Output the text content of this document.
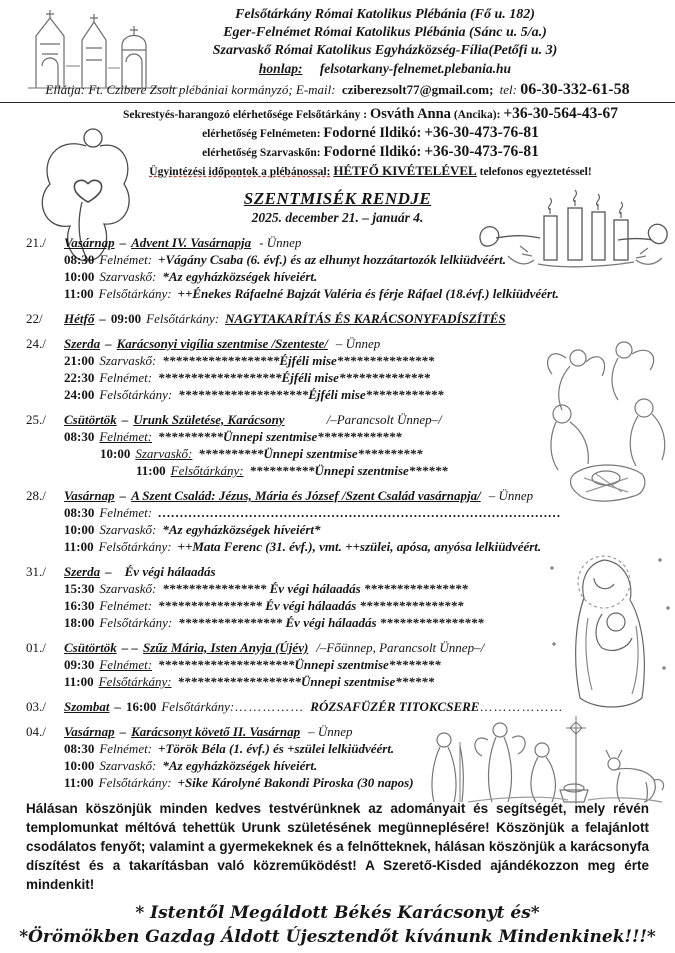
Felsőtárkány Római Katolikus Plébánia (Fő u. 182)
Eger-Felnémet Római Katolikus Plébánia (Sánc u. 5/a.)
Szarvaskő Római Katolikus Egyházközség-Fília(Petőfi u. 3)
honlap: felsotarkany-felnemet.plebania.hu
Ellátja: Ft. Czibere Zsolt plébániai kormányzó; E-mail: cziberezsolt77@gmail.com; tel: 06-30-332-61-58
Sekrestyés-harangozó elérhetősége Felsőtárkány : Osváth Anna (Ancika): +36-30-564-43-67
elérhetőség Felnémeten: Fodorné Ildikó: +36-30-473-76-81
elérhetőség Szarvaskőn: Fodorné Ildikó: +36-30-473-76-81
Ügyintézési időpontok a plébánossal: HÉTFŐ KIVÉTELÉVEL telefonos egyeztetéssel!
SZENTMISÉK RENDJE
2025. december 21. – január 4.
21./	Vasárnap – Advent IV. Vasárnapja - Ünnep
08:30 Felnémet: +Vágány Csaba (6. évf.) és az elhunyt hozzátartozók lelkiüdvéért.
10:00 Szarvaskő: *Az egyházközségek híveiért.
11:00 Felsőtárkány: ++Énekes Ráfaelné Bajzát Valéria és férje Ráfael (18.évf.) lelkiüdvéért.
22/	Hétfő – 09:00 Felsőtárkány: NAGYTAKARÍTÁS ÉS KARÁCSONYFADÍSZÍTÉS
24./	Szerda – Karácsonyi vigília szentmise /Szenteste/ – Ünnep
21:00 Szarvaskő: ******************Éjféli mise***************
22:30 Felnémet: *******************Éjféli mise**************
24:00 Felsőtárkány: ********************Éjféli mise************
25./	Csütörtök – Urunk Születése, Karácsony	/–Parancsolt Ünnep–/
08:30 Felnémet: **********Ünnepi szentmise*************
10:00 Szarvaskő: **********Ünnepi szentmise**********
11:00 Felsőtárkány: **********Ünnepi szentmise******
28./	Vasárnap – A Szent Család: Jézus, Mária és József /Szent Család vasárnapja/ – Ünnep
08:30 Felnémet: …………………………………………………………………………………
10:00 Szarvaskő: *Az egyházközségek híveiért*
11:00 Felsőtárkány: ++Mata Ferenc (31. évf.), vmt. ++szülei, apósa, anyósa lelkiüdvéért.
31./	Szerda – Év végi hálaadás
15:30 Szarvaskő: **************** Év végi hálaadás ****************
16:30 Felnémet: **************** Év végi hálaadás ****************
18:00 Felsőtárkány: **************** Év végi hálaadás ****************
01./	Csütörtök – – Szűz Mária, Isten Anyja (Újév) /–Főünnep, Parancsolt Ünnep–/
09:30 Felnémet: *********************Ünnepi szentmise********
11:00 Felsőtárkány: *******************Ünnepi szentmise******
03./	Szombat – 16:00 Felsőtárkány:…………… RÓZSAFÜZÉR TITOKCSERE………………
04./	Vasárnap – Karácsonyt követő II. Vasárnap – Ünnep
08:30 Felnémet: +Török Béla (1. évf.) és +szülei lelkiüdvéért.
10:00 Szarvaskő: *Az egyházközségek híveiért.
11:00 Felsőtárkány: +Sike Károlyné Bakondi Piroska (30 napos)
Hálásan köszönjük minden kedves testvérünknek az adományait és segítségét, mely révén templomunkat méltóvá tehettük Urunk születésének megünneplésére! Köszönjük a felajánlott csodálatos fenyőt; valamint a gyermekeknek és a felnőtteknek, hálásan köszönjük a karácsonyfa díszítést és a takarításban való közreműködést! A Szerető-Kisded ajándékozzon meg érte mindenkit!
* Istentől Megáldott Békés Karácsonyt és*
*Örömökben Gazdag Áldott Újesztendőt kívánunk Mindenkinek!!!*
